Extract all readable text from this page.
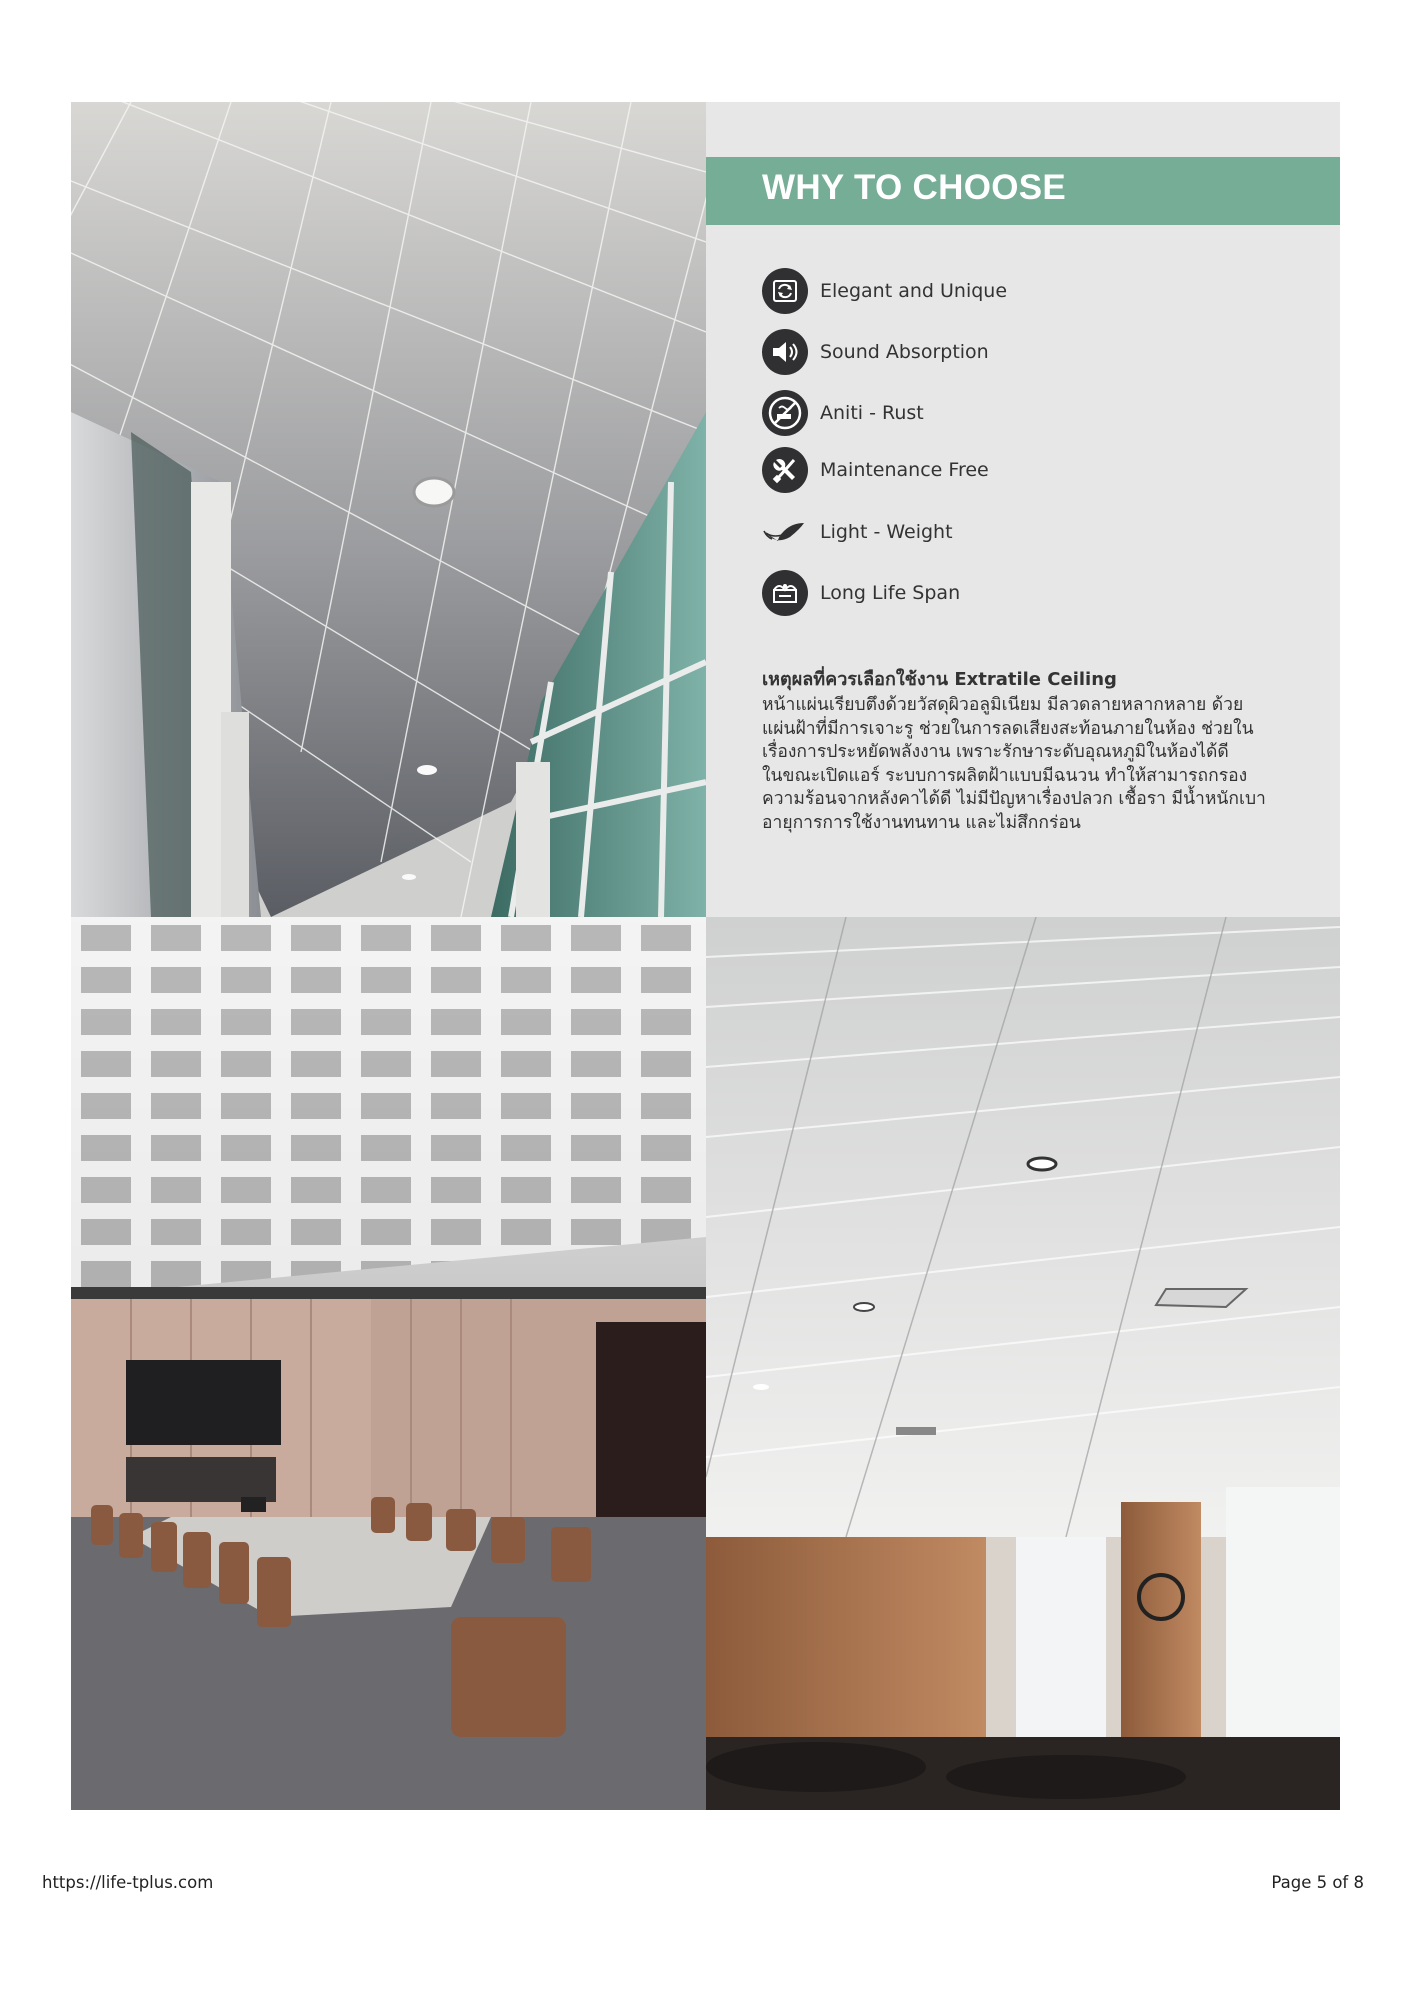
WHY TO CHOOSE
Elegant and Unique
Sound Absorption
Aniti - Rust
Maintenance Free
Light - Weight
Long Life Span
เหตุผลที่ควรเลือกใช้งาน Extratile Ceiling
หน้าแผ่นเรียบตึงด้วยวัสดุผิวอลูมิเนียม มีลวดลายหลากหลาย ด้วย
แผ่นฝ้าที่มีการเจาะรู ช่วยในการลดเสียงสะท้อนภายในห้อง ช่วยใน
เรื่องการประหยัดพลังงาน เพราะรักษาระดับอุณหภูมิในห้องได้ดี
ในขณะเปิดแอร์ ระบบการผลิตฝ้าแบบมีฉนวน ทำให้สามารถกรอง
ความร้อนจากหลังคาได้ดี ไม่มีปัญหาเรื่องปลวก เชื้อรา มีน้ำหนักเบา
อายุการการใช้งานทนทาน และไม่สึกกร่อน
https://life-tplus.com	Page 5 of 8
